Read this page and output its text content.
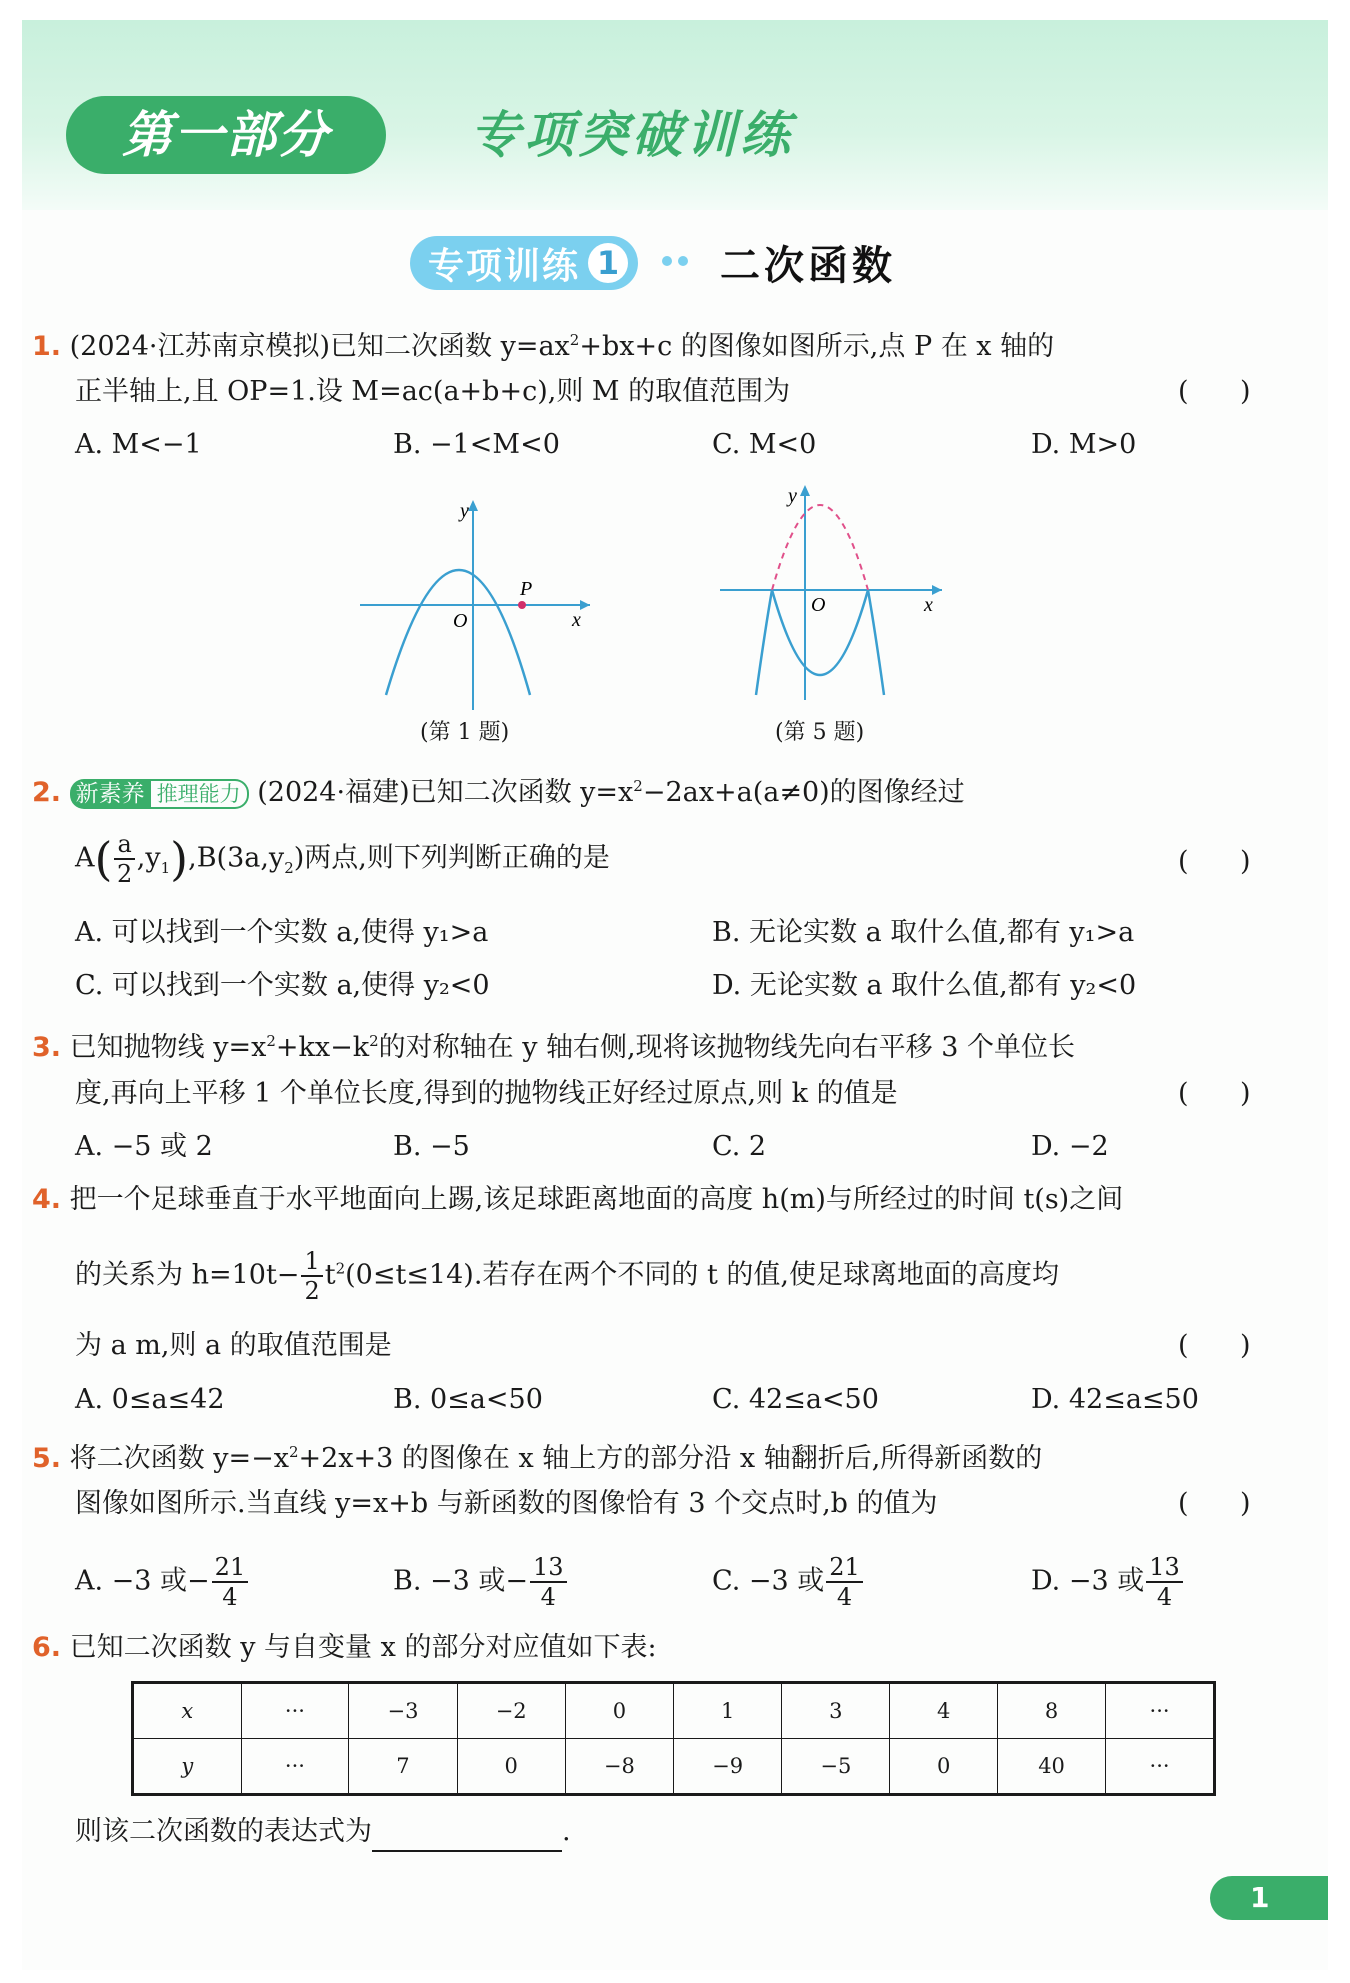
第一部分	专项突破训练
专项训练 1	二次函数
1. (2024·江苏南京模拟)已知二次函数 $y=ax^2+bx+c$ 的图像如图所示,点 P 在 x 轴的
正半轴上,且 OP=1.设 M=ac(a+b+c),则 M 的取值范围为	(      )
A. M<−1	B. −1<M<0	C. M<0	D. M>0
y
x
O
P
(第 1 题)
y
x
O
(第 5 题)
2. 新素养 推理能力 (2024·福建)已知二次函数 $y=x^2-2ax+a(a\ne 0)$的图像经过
$A( \frac{a}{2} ,y_1),B(3a,y_2)$两点,则下列判断正确的是	(      )
A. 可以找到一个实数 a,使得 y₁>a	B. 无论实数 a 取什么值,都有 y₁>a
C. 可以找到一个实数 a,使得 y₂<0	D. 无论实数 a 取什么值,都有 y₂<0
3. 已知抛物线 $y=x^2+kx-k^2$的对称轴在 y 轴右侧,现将该抛物线先向右平移 3 个单位长
度,再向上平移 1 个单位长度,得到的抛物线正好经过原点,则 k 的值是	(      )
A. −5 或 2	B. −5	C. 2	D. −2
4. 把一个足球垂直于水平地面向上踢,该足球距离地面的高度 h(m)与所经过的时间 t(s)之间
的关系为 $h=10t- \frac{1}{2} t^2(0\le t\le 14)$.若存在两个不同的 t 的值,使足球离地面的高度均
为 a m,则 a 的取值范围是	(      )
A. 0≤a≤42	B. 0≤a<50	C. 42≤a<50	D. 42≤a≤50
5. 将二次函数 $y=-x^2+2x+3$ 的图像在 x 轴上方的部分沿 x 轴翻折后,所得新函数的
图像如图所示.当直线 y=x+b 与新函数的图像恰有 3 个交点时,b 的值为	(      )
A. −3 或− $\frac{21}{4}$	B. −3 或− $\frac{13}{4}$	C. −3 或 $\frac{21}{4}$	D. −3 或 $\frac{13}{4}$
6. 已知二次函数 y 与自变量 x 的部分对应值如下表:
x	···	−3	−2	0	1	3	4	8	···
y	···	7	0	−8	−9	−5	0	40	···
则该二次函数的表达式为	.
1
